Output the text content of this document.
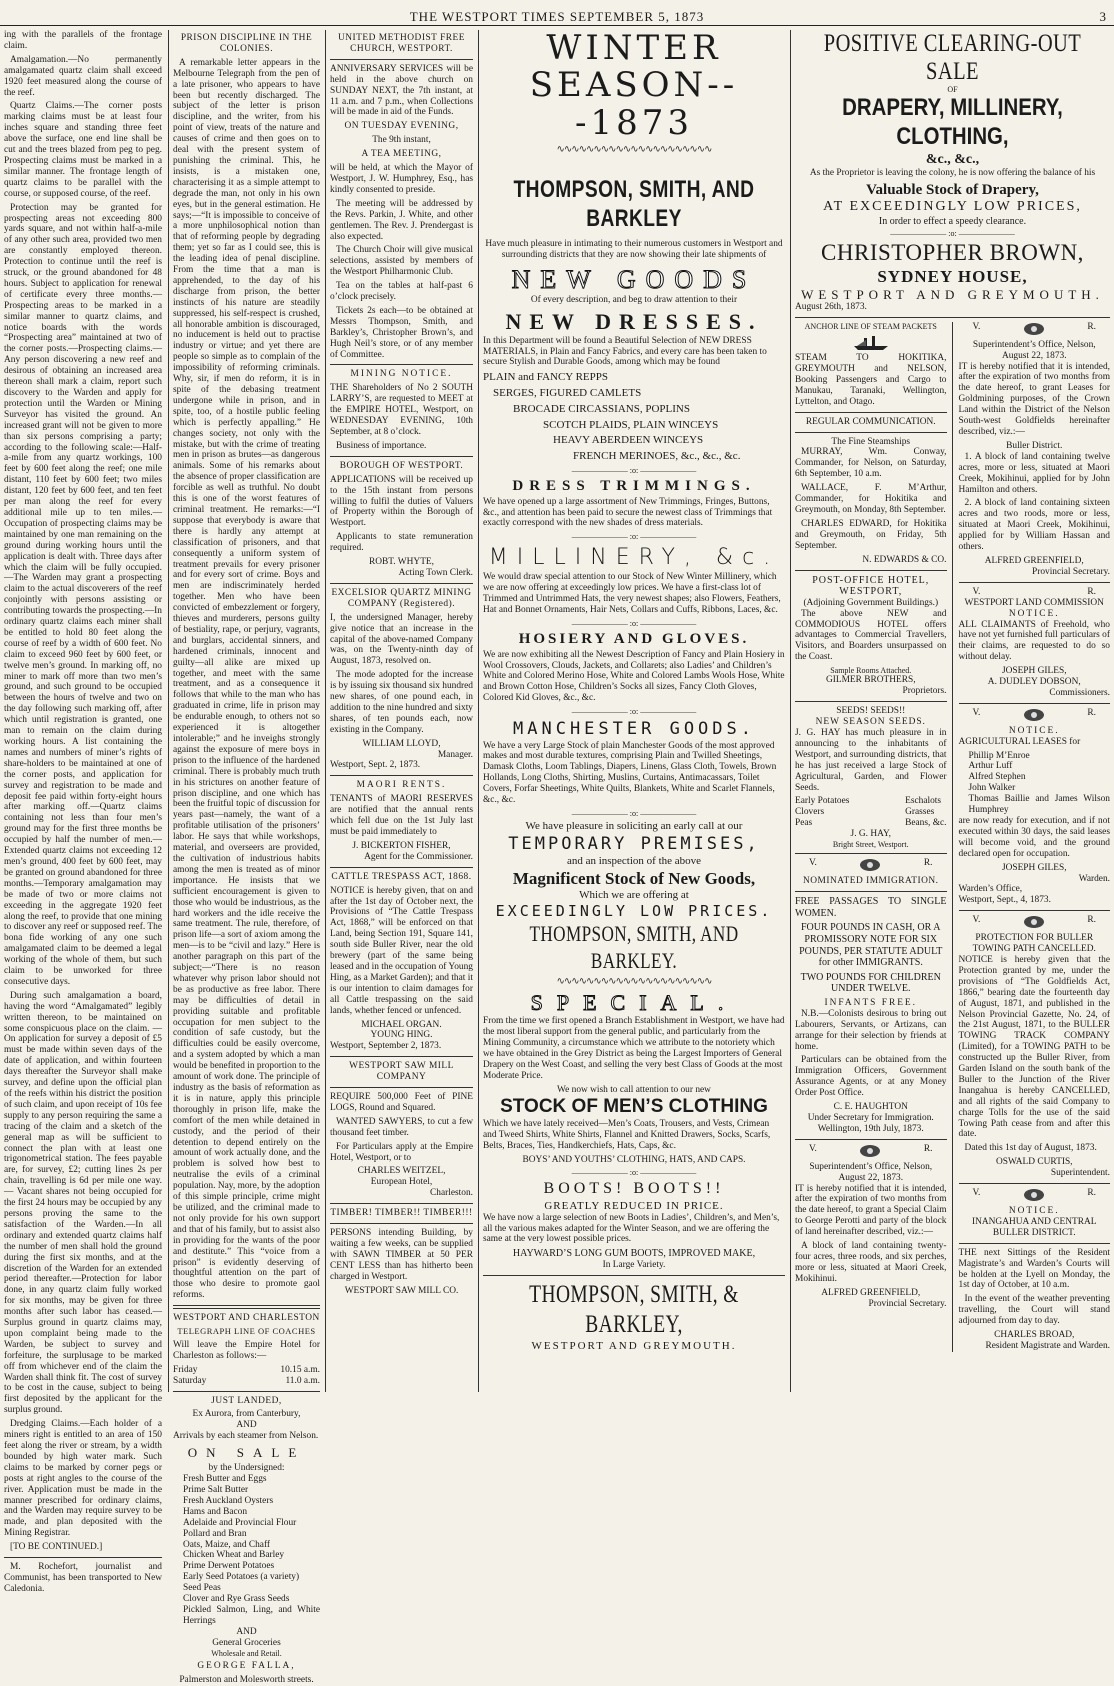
THE WESTPORT TIMES SEPTEMBER 5, 1873	3

ing with the parallels of the frontage claim.

Amalgamation.—No permanently amalgamated quartz claim shall exceed 1920 feet measured along the course of the reef.

Quartz Claims.—The corner posts marking claims must be at least four inches square and standing three feet above the surface, one end line shall be cut and the trees blazed from peg to peg. Prospecting claims must be marked in a similar manner. The frontage length of quartz claims to be parallel with the course, or supposed course, of the reef.

Protection may be granted for prospecting areas not exceeding 800 yards square, and not within half-a-mile of any other such area, provided two men are constantly employed thereon. Protection to continue until the reef is struck, or the ground abandoned for 48 hours. Subject to application for renewal of certificate every three months.—Prospecting areas to be marked in a similar manner to quartz claims, and notice boards with the words “Prospecting area” maintained at two of the corner posts.—Prospecting claims.—Any person discovering a new reef and desirous of obtaining an increased area thereon shall mark a claim, report such discovery to the Warden and apply for protection until the Warden or Mining Surveyor has visited the ground. An increased grant will not be given to more than six persons comprising a party; according to the following scale:—Half-a-mile from any quartz workings, 100 feet by 600 feet along the reef; one mile distant, 110 feet by 600 feet; two miles distant, 120 feet by 600 feet, and ten feet per man along the reef for every additional mile up to ten miles.—Occupation of prospecting claims may be maintained by one man remaining on the ground during working hours until the application is dealt with. Three days after which the claim will be fully occupied. —The Warden may grant a prospecting claim to the actual discoverers of the reef conjointly with persons assisting or contributing towards the prospecting.—In ordinary quartz claims each miner shall be entitled to hold 80 feet along the course of reef by a width of 600 feet. No claim to exceed 960 feet by 600 feet, or twelve men’s ground. In marking off, no miner to mark off more than two men’s ground, and such ground to be occupied between the hours of twelve and two on the day following such marking off, after which until registration is granted, one man to remain on the claim during working hours. A list containing the names and numbers of miner’s rights of share-holders to be maintained at one of the corner posts, and application for survey and registration to be made and deposit fee paid within forty-eight hours after marking off.—Quartz claims containing not less than four men’s ground may for the first three months be occupied by half the number of men.—Extended quartz claims not exceeding 12 men’s ground, 400 feet by 600 feet, may be granted on ground abandoned for three months.—Temporary amalgamation may be made of two or more claims not exceeding in the aggregate 1920 feet along the reef, to provide that one mining to discover any reef or supposed reef. The bona fide working of any one such amalgamated claim to be deemed a legal working of the whole of them, but such claim to be unworked for three consecutive days.

During such amalgamation a board, having the word “Amalgamated” legibly written thereon, to be maintained on some conspicuous place on the claim. —On application for survey a deposit of £5 must be made within seven days of the date of application, and within fourteen days thereafter the Surveyor shall make survey, and define upon the official plan of the reefs within his district the position of such claim, and upon receipt of 10s fee supply to any person requiring the same a tracing of the claim and a sketch of the general map as will be sufficient to connect the plan with at least one trigonometrical station. The fees payable are, for survey, £2; cutting lines 2s per chain, travelling is 6d per mile one way.— Vacant shares not being occupied for the first 24 hours may be occupied by any persons proving the same to the satisfaction of the Warden.—In all ordinary and extended quartz claims half the number of men shall hold the ground during the first six months, and at the discretion of the Warden for an extended period thereafter.—Protection for labor done, in any quartz claim fully worked for six months, may be given for three months after such labor has ceased.— Surplus ground in quartz claims may, upon complaint being made to the Warden, be subject to survey and forfeiture, the surplusage to be marked off from whichever end of the claim the Warden shall think fit. The cost of survey to be cost in the cause, subject to being first deposited by the applicant for the surplus ground.

Dredging Claims.—Each holder of a miners right is entitled to an area of 150 feet along the river or stream, by a width bounded by high water mark. Such claims to be marked by corner pegs or posts at right angles to the course of the river. Application must be made in the manner prescribed for ordinary claims, and the Warden may require survey to be made, and plan deposited with the Mining Registrar.

[TO BE CONTINUED.]

M. Rochefort, journalist and Communist, has been transported to New Caledonia.

PRISON DISCIPLINE IN THE COLONIES.

A remarkable letter appears in the Melbourne Telegraph from the pen of a late prisoner, who appears to have been but recently discharged. The subject of the letter is prison discipline, and the writer, from his point of view, treats of the nature and causes of crime and then goes on to deal with the present system of punishing the criminal. This, he insists, is a mistaken one, characterising it as a simple attempt to degrade the man, not only in his own eyes, but in the general estimation. He says;—“It is impossible to conceive of a more unphilosophical notion than that of reforming people by degrading them; yet so far as I could see, this is the leading idea of penal discipline. From the time that a man is apprehended, to the day of his discharge from prison, the better instincts of his nature are steadily suppressed, his self-respect is crushed, all honorable ambition is discouraged, no inducement is held out to practise industry or virtue; and yet there are people so simple as to complain of the impossibility of reforming criminals. Why, sir, if men do reform, it is in spite of the debasing treatment undergone while in prison, and in spite, too, of a hostile public feeling which is perfectly appalling.” He changes society, not only with the mistake, but with the crime of treating men in prison as brutes—as dangerous animals. Some of his remarks about the absence of proper classification are forcible as well as truthful. No doubt this is one of the worst features of criminal treatment. He remarks:—“I suppose that everybody is aware that there is hardly any attempt at classification of prisoners, and that consequently a uniform system of treatment prevails for every prisoner and for every sort of crime. Boys and men are indiscriminately herded together. Men who have been convicted of embezzlement or forgery, thieves and murderers, persons guilty of bestiality, rape, or perjury, vagrants, and burglars, accidental sinners, and hardened criminals, innocent and guilty—all alike are mixed up together, and meet with the same treatment, and as a consequence it follows that while to the man who has graduated in crime, life in prison may be endurable enough, to others not so experienced it is altogether intolerable;” and he inveighs strongly against the exposure of mere boys in prison to the influence of the hardened criminal. There is probably much truth in his strictures on another feature of prison discipline, and one which has been the fruitful topic of discussion for years past—namely, the want of a profitable utilisation of the prisoners’ labor. He says that while workshops, material, and overseers are provided, the cultivation of industrious habits among the men is treated as of minor importance. He insists that we sufficient encouragement is given to those who would be industrious, as the hard workers and the idle receive the same treatment. The rule, therefore, of prison life—a sort of axiom among the men—is to be “civil and lazy.” Here is another paragraph on this part of the subject;—“There is no reason whatever why prison labor should not be as productive as free labor. There may be difficulties of detail in providing suitable and profitable occupation for men subject to the condition of safe custody, but the difficulties could be easily overcome, and a system adopted by which a man would be benefited in proportion to the amount of work done. The principle of industry as the basis of reformation as it is in nature, apply this principle thoroughly in prison life, make the comfort of the men while detained in custody, and the period of their detention to depend entirely on the amount of work actually done, and the problem is solved how best to neutralise the evils of a criminal population. Nay, more, by the adoption of this simple principle, crime might be utilized, and the criminal made to not only provide for his own support and that of his family, but to assist also in providing for the wants of the poor and destitute.” This “voice from a prison” is evidently deserving of thoughtful attention on the part of those who desire to promote gaol reforms.

WESTPORT AND CHARLESTON
TELEGRAPH LINE OF COACHES

Will leave the Empire Hotel for Charleston as follows:—

Friday	10.15 a.m.
Saturday	11.0 a.m.
JUST LANDED,
Ex Aurora, from Canterbury,
AND
Arrivals by each steamer from Nelson.
ON SALE
by the Undersigned:
Fresh Butter and Eggs
Prime Salt Butter
Fresh Auckland Oysters
Hams and Bacon
Adelaide and Provincial Flour
Pollard and Bran
Oats, Maize, and Chaff
Chicken Wheat and Barley
Prime Derwent Potatoes
Early Seed Potatoes (a variety)
Seed Peas
Clover and Rye Grass Seeds
Pickled Salmon, Ling, and White Herrings
AND
General Groceries
Wholesale and Retail.
GEORGE FALLA,
Palmerston and Molesworth streets.
UNITED METHODIST FREE CHURCH, WESTPORT.

ANNIVERSARY SERVICES will be held in the above church on SUNDAY NEXT, the 7th instant, at 11 a.m. and 7 p.m., when Collections will be made in aid of the Funds.

ON TUESDAY EVENING,
The 9th instant,
A TEA MEETING,

will be held, at which the Mayor of Westport, J. W. Humphrey, Esq., has kindly consented to preside.

The meeting will be addressed by the Revs. Parkin, J. White, and other gentlemen. The Rev. J. Prendergast is also expected.

The Church Choir will give musical selections, assisted by members of the Westport Philharmonic Club.

Tea on the tables at half-past 6 o’clock precisely.

Tickets 2s each—to be obtained at Messrs Thompson, Smith, and Barkley’s, Christopher Brown’s, and Hugh Neil’s store, or of any member of Committee.

MINING NOTICE.

THE Shareholders of No 2 SOUTH LARRY’S, are requested to MEET at the EMPIRE HOTEL, Westport, on WEDNESDAY EVENING, 10th September, at 8 o’clock.

Business of importance.

BOROUGH OF WESTPORT.

APPLICATIONS will be received up to the 15th instant from persons willing to fulfil the duties of Valuers of Property within the Borough of Westport.

Applicants to state remuneration required.

ROBT. WHYTE,
Acting Town Clerk.
EXCELSIOR QUARTZ MINING COMPANY (Registered).

I, the undersigned Manager, hereby give notice that an increase in the capital of the above-named Company was, on the Twenty-ninth day of August, 1873, resolved on.

The mode adopted for the increase is by issuing six thousand six hundred new shares, of one pound each, in addition to the nine hundred and sixty shares, of ten pounds each, now existing in the Company.

WILLIAM LLOYD,
Manager.
Westport, Sept. 2, 1873.
MAORI RENTS.

TENANTS of MAORI RESERVES are notified that the annual rents which fell due on the 1st July last must be paid immediately to

J. BICKERTON FISHER,
Agent for the Commissioner.
CATTLE TRESPASS ACT, 1868.

NOTICE is hereby given, that on and after the 1st day of October next, the Provisions of “The Cattle Trespass Act, 1868,” will be enforced on that Land, being Section 191, Square 141, south side Buller River, near the old brewery (part of the same being leased and in the occupation of Young Hing, as a Market Garden); and that it is our intention to claim damages for all Cattle trespassing on the said lands, whether fenced or unfenced.

MICHAEL ORGAN.
YOUNG HING.
Westport, September 2, 1873.
WESTPORT SAW MILL COMPANY

REQUIRE 500,000 Feet of PINE LOGS, Round and Squared.

WANTED SAWYERS, to cut a few thousand feet timber.

For Particulars apply at the Empire Hotel, Westport, or to

CHARLES WEITZEL,
European Hotel,
Charleston.
TIMBER! TIMBER!! TIMBER!!!

PERSONS intending Building, by waiting a few weeks, can be supplied with SAWN TIMBER at 50 PER CENT LESS than has hitherto been charged in Westport.

WESTPORT SAW MILL CO.
WINTER SEASON---1873
∿∿∿∿∿∿∿∿∿∿∿∿∿∿∿∿∿∿∿∿∿
THOMPSON, SMITH, AND BARKLEY

Have much pleasure in intimating to their numerous customers in Westport and surrounding districts that they are now showing their late shipments of

NEW GOODS

Of every description, and beg to draw attention to their

NEW DRESSES.

In this Department will be found a Beautiful Selection of NEW DRESS MATERIALS, in Plain and Fancy Fabrics, and every care has been taken to secure Stylish and Durable Goods, among which may be found

PLAIN and FANCY REPPS
SERGES, FIGURED CAMLETS
BROCADE CIRCASSIANS, POPLINS
SCOTCH PLAIDS, PLAIN WINCEYS
HEAVY ABERDEEN WINCEYS
FRENCH MERINOES, &c., &c., &c.
——————— :o: ———————
DRESS TRIMMINGS.

We have opened up a large assortment of New Trimmings, Fringes, Buttons, &c., and attention has been paid to secure the newest class of Trimmings that exactly correspond with the new shades of dress materials.

——————— :o: ———————
MILLINERY, &c.

We would draw special attention to our Stock of New Winter Millinery, which we are now offering at exceedingly low prices. We have a first-class lot of Trimmed and Untrimmed Hats, the very newest shapes; also Flowers, Feathers, Hat and Bonnet Ornaments, Hair Nets, Collars and Cuffs, Ribbons, Laces, &c.

——————— :o: ———————
HOSIERY AND GLOVES.

We are now exhibiting all the Newest Description of Fancy and Plain Hosiery in Wool Crossovers, Clouds, Jackets, and Collarets; also Ladies’ and Children’s White and Colored Merino Hose, White and Colored Lambs Wools Hose, White and Brown Cotton Hose, Children’s Socks all sizes, Fancy Cloth Gloves, Colored Kid Gloves, &c., &c.

——————— :o: ———————
MANCHESTER GOODS.

We have a very Large Stock of plain Manchester Goods of the most approved makes and most durable textures, comprising Plain and Twilled Sheetings, Damask Cloths, Loom Tablings, Diapers, Linens, Glass Cloth, Towels, Brown Hollands, Long Cloths, Shirting, Muslins, Curtains, Antimacassars, Toilet Covers, Forfar Sheetings, White Quilts, Blankets, White and Scarlet Flannels, &c., &c.

——————— :o: ———————
We have pleasure in soliciting an early call at our
TEMPORARY PREMISES,
and an inspection of the above
Magnificent Stock of New Goods,
Which we are offering at
EXCEEDINGLY LOW PRICES.
THOMPSON, SMITH, AND BARKLEY.
∿∿∿∿∿∿∿∿∿∿∿∿∿∿∿∿∿∿∿∿∿
SPECIAL.

From the time we first opened a Branch Establishment in Westport, we have had the most liberal support from the general public, and particularly from the Mining Community, a circumstance which we attribute to the notoriety which we have obtained in the Grey District as being the Largest Importers of General Drapery on the West Coast, and selling the very best Class of Goods at the most Moderate Price.

We now wish to call attention to our new
STOCK OF MEN’S CLOTHING

Which we have lately received—Men’s Coats, Trousers, and Vests, Crimean and Tweed Shirts, White Shirts, Flannel and Knitted Drawers, Socks, Scarfs, Belts, Braces, Ties, Handkerchiefs, Hats, Caps, &c.

BOYS’ AND YOUTHS’ CLOTHING, HATS, AND CAPS.
——————— :o: ———————
BOOTS! BOOTS!!
GREATLY REDUCED IN PRICE.

We have now a large selection of new Boots in Ladies’, Children’s, and Men’s, all the various makes adapted for the Winter Season, and we are offering the same at the very lowest possible prices.

HAYWARD’S LONG GUM BOOTS, IMPROVED MAKE,
In Large Variety.
THOMPSON, SMITH, & BARKLEY,
WESTPORT AND GREYMOUTH.
POSITIVE CLEARING-OUT SALE
OF
DRAPERY, MILLINERY, CLOTHING,
&c., &c.,

As the Proprietor is leaving the colony, he is now offering the balance of his

Valuable Stock of Drapery,
AT EXCEEDINGLY LOW PRICES,
In order to effect a speedy clearance.
——————— :o: ———————
CHRISTOPHER BROWN,
SYDNEY HOUSE,
WESTPORT AND GREYMOUTH.
August 26th, 1873.
ANCHOR LINE OF STEAM PACKETS

STEAM TO HOKITIKA, GREYMOUTH and NELSON, Booking Passengers and Cargo to Manukau, Taranaki, Wellington, Lyttelton, and Otago.

REGULAR COMMUNICATION.
The Fine Steamships

MURRAY, Wm. Conway, Commander, for Nelson, on Saturday, 6th September, 10 a.m.

WALLACE, F. M’Arthur, Commander, for Hokitika and Greymouth, on Monday, 8th September.

CHARLES EDWARD, for Hokitika and Greymouth, on Friday, 5th September.

N. EDWARDS & CO.
POST-OFFICE HOTEL, WESTPORT,
(Adjoining Government Buildings.)

The above NEW and COMMODIOUS HOTEL offers advantages to Commercial Travellers, Visitors, and Boarders unsurpassed on the Coast.

Sample Rooms Attached.
GILMER BROTHERS,
Proprietors.
SEEDS! SEEDS!!
NEW SEASON SEEDS.

J. G. HAY has much pleasure in in announcing to the inhabitants of Westport, and surrounding districts, that he has just received a large Stock of Agricultural, Garden, and Flower Seeds.

Early Potatoes
Clovers
Peas
Eschalots
Grasses
Beans, &c.
J. G. HAY,
Bright Street, Westport.
V.	R.
NOMINATED IMMIGRATION.

FREE PASSAGES TO SINGLE WOMEN.

FOUR POUNDS IN CASH, OR A PROMISSORY NOTE FOR SIX POUNDS, PER STATUTE ADULT for other IMMIGRANTS.

TWO POUNDS FOR CHILDREN UNDER TWELVE.

INFANTS FREE.

N.B.—Colonists desirous to bring out Labourers, Servants, or Artizans, can arrange for their selection by friends at home.

Particulars can be obtained from the Immigration Officers, Government Assurance Agents, or at any Money Order Post Office.

C. E. HAUGHTON
Under Secretary for Immigration.
Wellington, 19th July, 1873.
V.	R.
Superintendent’s Office, Nelson, August 22, 1873.

IT is hereby notified that it is intended, after the expiration of two months from the date hereof, to grant a Special Claim to George Perotti and party of the block of land hereinafter described, viz.:—

A block of land containing twenty-four acres, three roods, and six perches, more or less, situated at Maori Creek, Mokihinui.

ALFRED GREENFIELD,
Provincial Secretary.
V.	R.
Superintendent’s Office, Nelson, August 22, 1873.

IT is hereby notified that it is intended, after the expiration of two months from the date hereof, to grant Leases for Goldmining purposes, of the Crown Land within the District of the Nelson South-west Goldfields hereinafter described, viz.:—

Buller District.

1. A block of land containing twelve acres, more or less, situated at Maori Creek, Mokihinui, applied for by John Hamilton and others.

2. A block of land containing sixteen acres and two roods, more or less, situated at Maori Creek, Mokihinui, applied for by William Hassan and others.

ALFRED GREENFIELD,
Provincial Secretary.
V.	R.
WESTPORT LAND COMMISSION
NOTICE.

ALL CLAIMANTS of Freehold, who have not yet furnished full particulars of their claims, are requested to do so without delay.

JOSEPH GILES,
A. DUDLEY DOBSON,
Commissioners.
V.	R.
NOTICE.

AGRICULTURAL LEASES for

Phillip M’Enroe
Arthur Luff
Alfred Stephen
John Walker
Thomas Baillie and James Wilson Humphrey

are now ready for execution, and if not executed within 30 days, the said leases will become void, and the ground declared open for occupation.

JOSEPH GILES,
Warden.
Warden’s Office,
Westport, Sept., 4, 1873.
V.	R.
PROTECTION FOR BULLER TOWING PATH CANCELLED.

NOTICE is hereby given that the Protection granted by me, under the provisions of “The Goldfields Act, 1866,” bearing date the fourteenth day of August, 1871, and published in the Nelson Provincial Gazette, No. 24, of the 21st August, 1871, to the BULLER TOWING TRACK COMPANY (Limited), for a TOWING PATH to be constructed up the Buller River, from Garden Island on the south bank of the Buller to the Junction of the River Inangahua is hereby CANCELLED, and all rights of the said Company to charge Tolls for the use of the said Towing Path cease from and after this date.

Dated this 1st day of August, 1873.

OSWALD CURTIS,
Superintendent.
V.	R.
NOTICE.
INANGAHUA AND CENTRAL BULLER DISTRICT.

THE next Sittings of the Resident Magistrate’s and Warden’s Courts will be holden at the Lyell on Monday, the 1st day of October, at 10 a.m.

In the event of the weather preventing travelling, the Court will stand adjourned from day to day.

CHARLES BROAD,
Resident Magistrate and Warden.
